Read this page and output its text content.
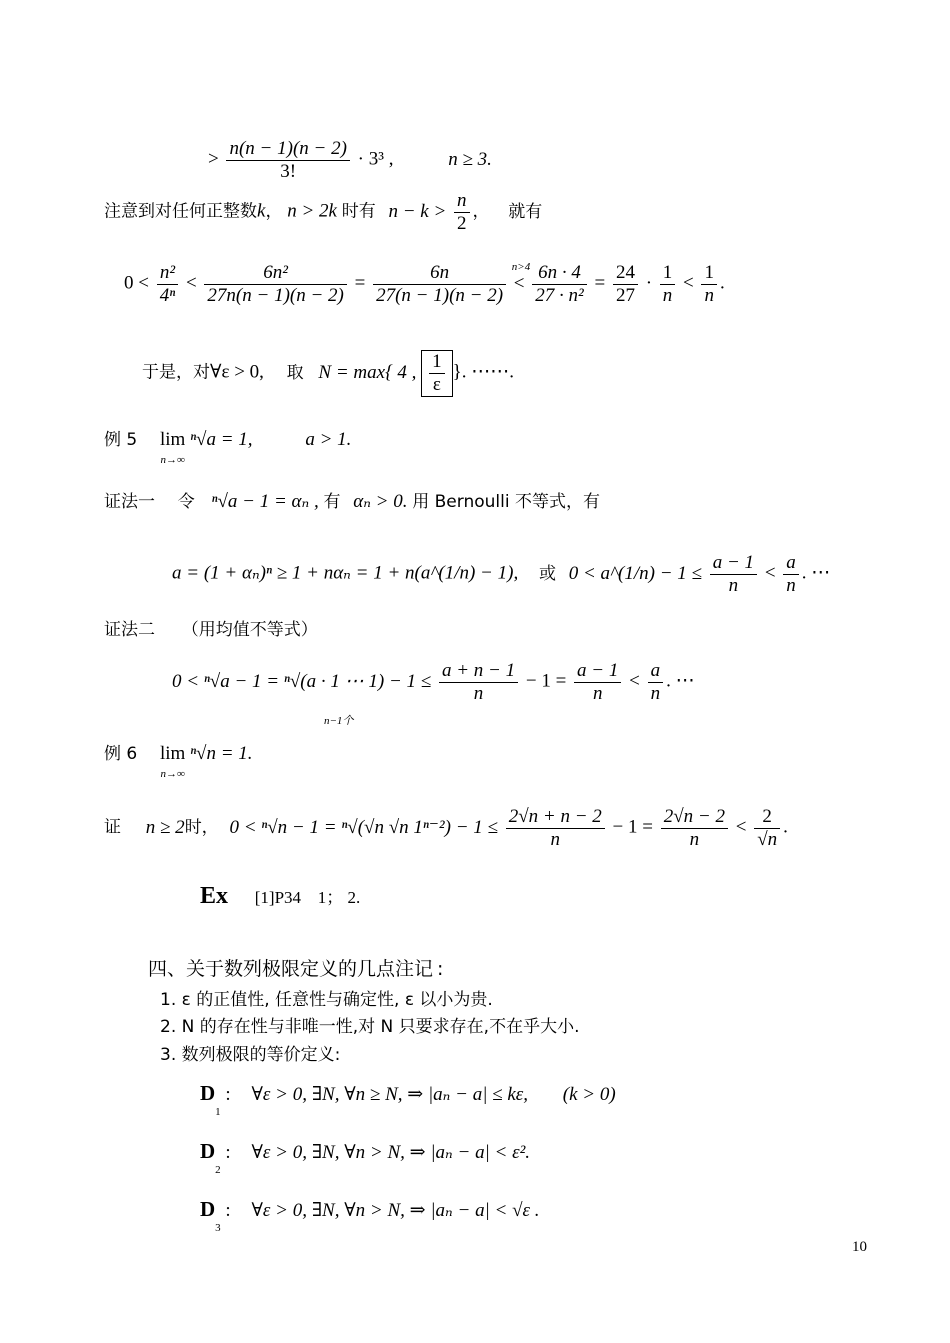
> $\frac{n(n - 1)(n - 2)}{3!} \cdot 3^3$ ,	n ≥ 3.
注意到对任何正整数k， n > 2k 时有 $n - k > \frac{n}{2}$ ， 就有
$0 < \frac{\text{n²}}{\text{4ⁿ}} < \frac{\text{6n²}}{27n(n - 1)(n - 2)} = \frac{6n}{27(n - 1)(n - 2)}$
n>4
< $\frac{6n \cdot 4}{\text{27 · n²}} = \frac{24}{27} \cdot \frac{1}{n} < \frac{1}{n}$ .
于是，对∀ε > 0, 取 N = max{ 4 , $\frac{1}{\varepsilon}$ }. ⋯⋯.
例 5 lim
n→∞
ⁿ√a = 1,	a > 1.
证法一 令 ⁿ√a − 1 = αₙ , 有 αₙ > 0. 用 Bernoulli 不等式，有
a = (1 + αₙ)ⁿ ≥ 1 + nαₙ = 1 + n(a^(1/n) − 1), 或 0 < a^(1/n) − $1 \le \frac{a - 1}{n} < \frac{a}{n}$ . ⋯
证法二 （用均值不等式）
0 < ⁿ√a − 1 = ⁿ√(a · 1 ⋯ 1) − 1 ≤
n−1个

$\frac{a + n - 1}{n} - 1 = \frac{a - 1}{n} < \frac{a}{n}$ . ⋯
例 6 lim
n→∞
ⁿ√n = 1.
证 n ≥ 2时， 0 < ⁿ√n − 1 = ⁿ√(√n √n $1^{n-2}) - 1 \le \frac{2√n + n - 2}{n} - 1 = \frac{2√n - 2}{n} < \frac{2}{√n}$ .
Ex [1]P34 1； 2.
四、关于数列极限定义的几点注记 :
1. ε 的正值性, 任意性与确定性, ε 以小为贵.
2. N 的存在性与非唯一性,对 N 只要求存在,不在乎大小.
3. 数列极限的等价定义:
$D_1$ : ∀ε > 0, ∃N, ∀n ≥ N, ⇒ |aₙ − a| ≤ kε, (k > 0)
$D_2$ : ∀ε > 0, ∃N, ∀n > N, ⇒ |aₙ − a| < ε².
$D_3$ : ∀ε > 0, ∃N, ∀n > N, ⇒ |aₙ − a| < √ε .
10
